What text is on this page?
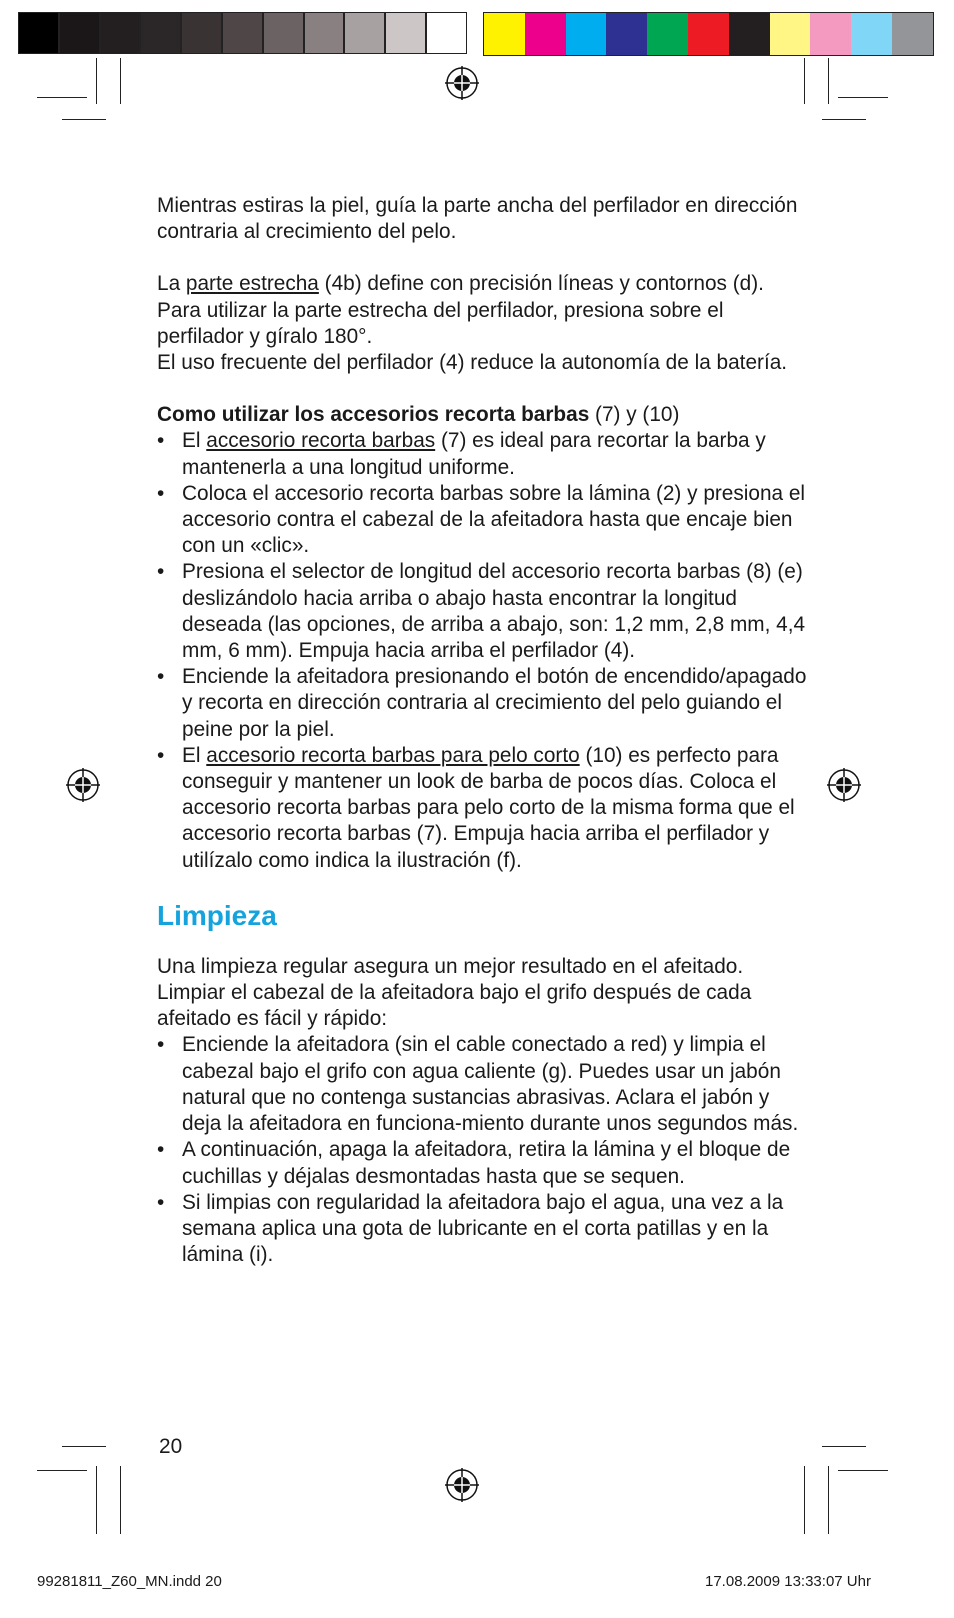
Mientras estiras la piel, guía la parte ancha del perfilador en dirección contraria al crecimiento del pelo.

La parte estrecha (4b) define con precisión líneas y contornos (d). Para utilizar la parte estrecha del perfilador, presiona sobre el perfilador y gíralo 180°.

El uso frecuente del perfilador (4) reduce la autonomía de la batería.

Como utilizar los accesorios recorta barbas (7) y (10)

• El accesorio recorta barbas (7) es ideal para recortar la barba y mantenerla a una longitud uniforme.
• Coloca el accesorio recorta barbas sobre la lámina (2) y presiona el accesorio contra el cabezal de la afeitadora hasta que encaje bien con un «clic».
• Presiona el selector de longitud del accesorio recorta barbas (8) (e) deslizándolo hacia arriba o abajo hasta encontrar la longitud deseada (las opciones, de arriba a abajo, son: 1,2 mm, 2,8 mm, 4,4 mm, 6 mm). Empuja hacia arriba el perfilador (4).
• Enciende la afeitadora presionando el botón de encendido/apagado y recorta en dirección contraria al crecimiento del pelo guiando el peine por la piel.
• El accesorio recorta barbas para pelo corto (10) es perfecto para conseguir y mantener un look de barba de pocos días. Coloca el accesorio recorta barbas para pelo corto de la misma forma que el accesorio recorta barbas (7). Empuja hacia arriba el perfilador y utilízalo como indica la ilustración (f).
Limpieza

Una limpieza regular asegura un mejor resultado en el afeitado.

Limpiar el cabezal de la afeitadora bajo el grifo después de cada afeitado es fácil y rápido:

• Enciende la afeitadora (sin el cable conectado a red) y limpia el cabezal bajo el grifo con agua caliente (g). Puedes usar un jabón natural que no contenga sustancias abrasivas. Aclara el jabón y deja la afeitadora en funciona-miento durante unos segundos más.
• A continuación, apaga la afeitadora, retira la lámina y el bloque de cuchillas y déjalas desmontadas hasta que se sequen.
• Si limpias con regularidad la afeitadora bajo el agua, una vez a la semana aplica una gota de lubricante en el corta patillas y en la lámina (i).
20
99281811_Z60_MN.indd 20	17.08.2009 13:33:07 Uhr
